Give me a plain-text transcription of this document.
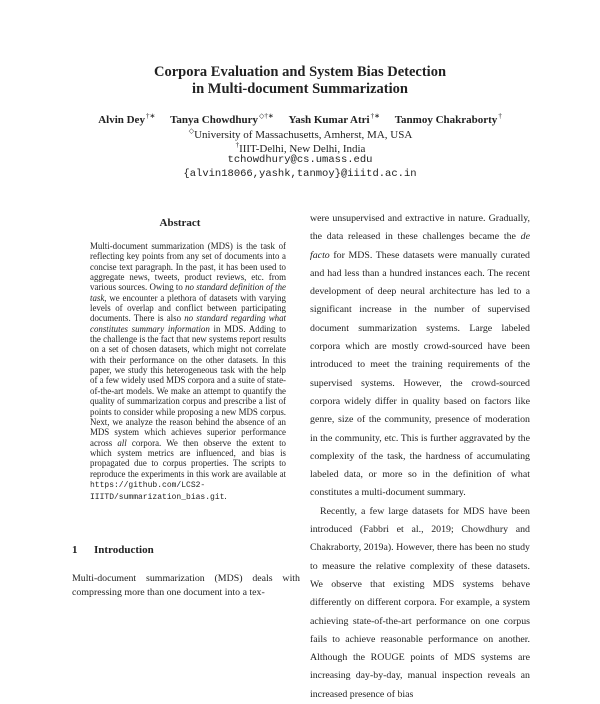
Corpora Evaluation and System Bias Detection
in Multi-document Summarization
Alvin Dey†∗ Tanya Chowdhury◇†∗ Yash Kumar Atri†∗ Tanmoy Chakraborty†
◇University of Massachusetts, Amherst, MA, USA
†IIIT-Delhi, New Delhi, India
tchowdhury@cs.umass.edu
{alvin18066,yashk,tanmoy}@iiitd.ac.in
Abstract
Multi-document summarization (MDS) is the task of reflecting key points from any set of documents into a concise text paragraph. In the past, it has been used to aggregate news, tweets, product reviews, etc. from various sources. Owing to no standard definition of the task, we encounter a plethora of datasets with varying levels of overlap and conflict between participating documents. There is also no standard regarding what constitutes summary information in MDS. Adding to the challenge is the fact that new systems report results on a set of chosen datasets, which might not correlate with their performance on the other datasets. In this paper, we study this heterogeneous task with the help of a few widely used MDS corpora and a suite of state-of-the-art models. We make an attempt to quantify the quality of summarization corpus and prescribe a list of points to consider while proposing a new MDS corpus. Next, we analyze the reason behind the absence of an MDS system which achieves superior performance across all corpora. We then observe the extent to which system metrics are influenced, and bias is propagated due to corpus properties. The scripts to reproduce the experiments in this work are available at https://github.com/LCS2-IIITD/summarization_bias.git.
1 Introduction
Multi-document summarization (MDS) deals with compressing more than one document into a tex-

were unsupervised and extractive in nature. Gradually, the data released in these challenges became the de facto for MDS. These datasets were manually curated and had less than a hundred instances each. The recent development of deep neural architecture has led to a significant increase in the number of supervised document summarization systems. Large labeled corpora which are mostly crowd-sourced have been introduced to meet the training requirements of the supervised systems. However, the crowd-sourced corpora widely differ in quality based on factors like genre, size of the community, presence of moderation in the community, etc. This is further aggravated by the complexity of the task, the hardness of accumulating labeled data, or more so in the definition of what constitutes a multi-document summary.

Recently, a few large datasets for MDS have been introduced (Fabbri et al., 2019; Chowdhury and Chakraborty, 2019a). However, there has been no study to measure the relative complexity of these datasets. We observe that existing MDS systems behave differently on different corpora. For example, a system achieving state-of-the-art performance on one corpus fails to achieve reasonable performance on another. Although the ROUGE points of MDS systems are increasing day-by-day, manual inspection reveals an increased presence of bias
